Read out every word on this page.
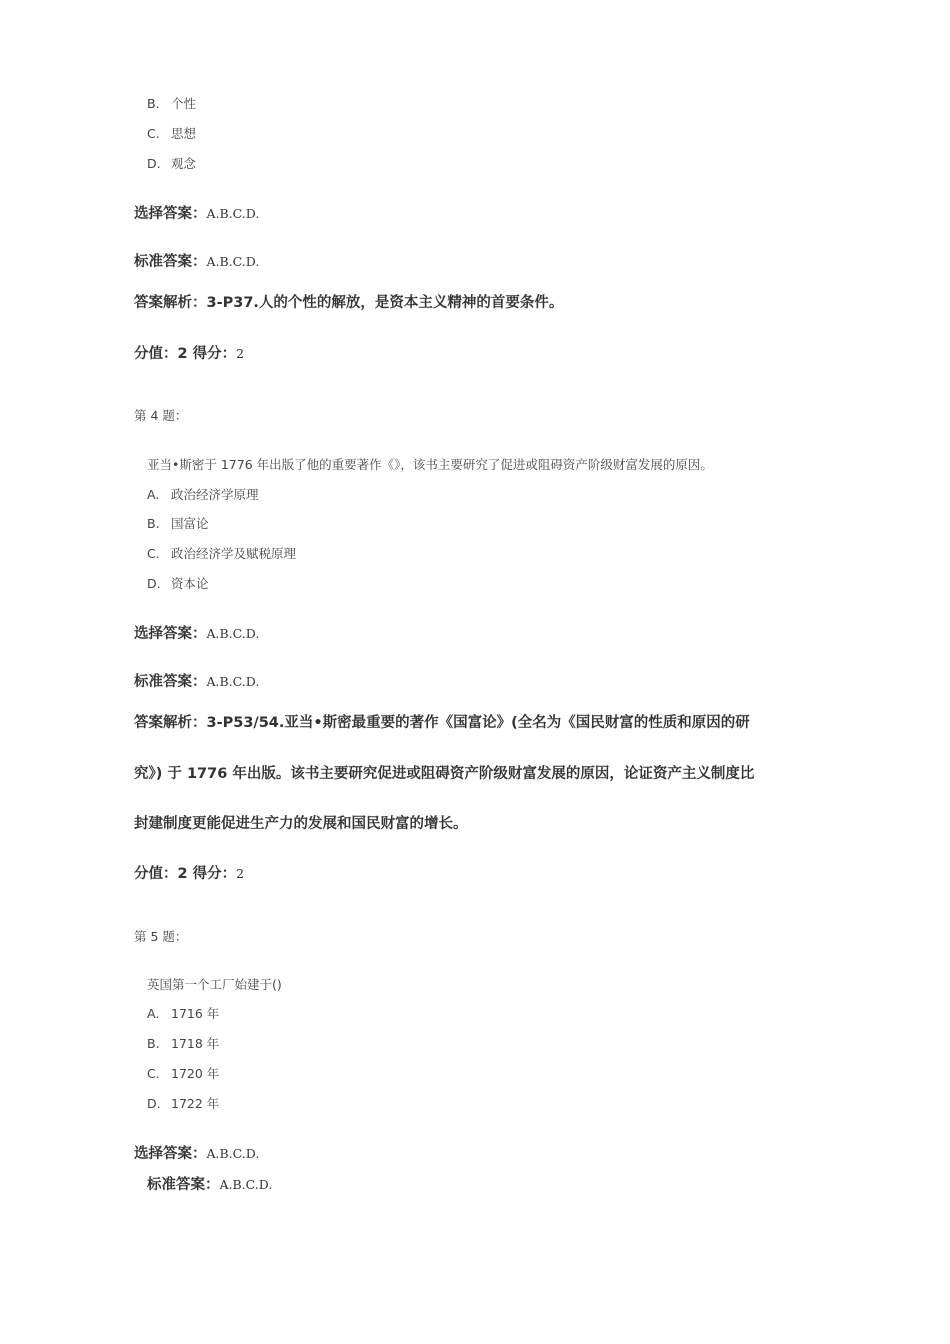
B. 个性
C. 思想
D. 观念
选择答案：A.B.C.D.
标准答案：A.B.C.D.
答案解析：3-P37.人的个性的解放，是资本主义精神的首要条件。
分值：2 得分：2
第 4 题：
亚当•斯密于 1776 年出版了他的重要著作《》，该书主要研究了促进或阻碍资产阶级财富发展的原因。
A. 政治经济学原理
B. 国富论
C. 政治经济学及赋税原理
D. 资本论
选择答案：A.B.C.D.
标准答案：A.B.C.D.
答案解析：3-P53/54.亚当•斯密最重要的著作《国富论》(全名为《国民财富的性质和原因的研
究》) 于 1776 年出版。该书主要研究促进或阻碍资产阶级财富发展的原因，论证资产主义制度比
封建制度更能促进生产力的发展和国民财富的增长。
分值：2 得分：2
第 5 题：
英国第一个工厂始建于()
A. 1716 年
B. 1718 年
C. 1720 年
D. 1722 年
选择答案：A.B.C.D.
标准答案：A.B.C.D.
